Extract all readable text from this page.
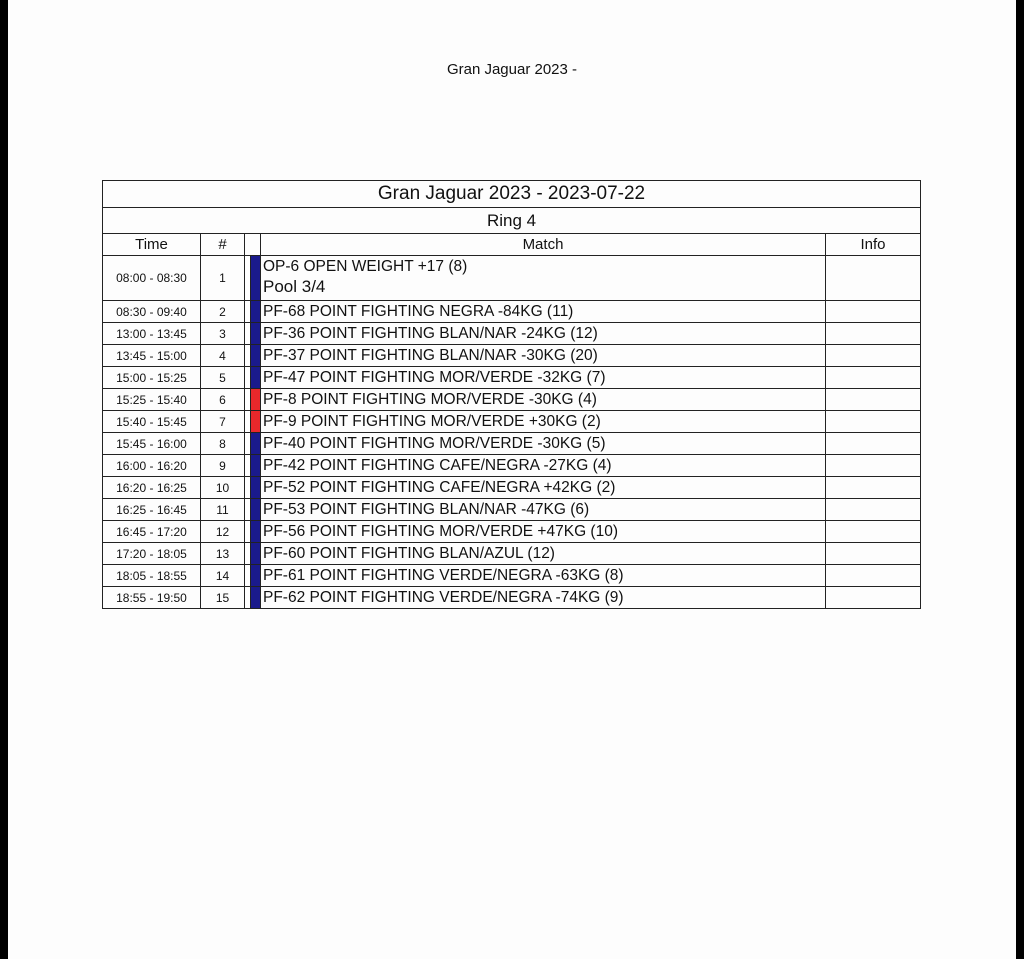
Gran Jaguar 2023 -
Gran Jaguar 2023 - 2023-07-22					
Ring 4					
Time	#			Match	Info
08:00 - 08:30	1			OP-6 OPEN WEIGHT +17 (8)
Pool 3/4	

08:30 - 09:40	2			PF-68 POINT FIGHTING NEGRA -84KG (11)	
13:00 - 13:45	3			PF-36 POINT FIGHTING BLAN/NAR -24KG (12)	
13:45 - 15:00	4			PF-37 POINT FIGHTING BLAN/NAR -30KG (20)	
15:00 - 15:25	5			PF-47 POINT FIGHTING MOR/VERDE -32KG (7)	
15:25 - 15:40	6			PF-8 POINT FIGHTING MOR/VERDE -30KG (4)	
15:40 - 15:45	7			PF-9 POINT FIGHTING MOR/VERDE +30KG (2)	
15:45 - 16:00	8			PF-40 POINT FIGHTING MOR/VERDE -30KG (5)	
16:00 - 16:20	9			PF-42 POINT FIGHTING CAFE/NEGRA -27KG (4)	
16:20 - 16:25	10			PF-52 POINT FIGHTING CAFE/NEGRA +42KG (2)	
16:25 - 16:45	11			PF-53 POINT FIGHTING BLAN/NAR -47KG (6)	
16:45 - 17:20	12			PF-56 POINT FIGHTING MOR/VERDE +47KG (10)	
17:20 - 18:05	13			PF-60 POINT FIGHTING BLAN/AZUL (12)	
18:05 - 18:55	14			PF-61 POINT FIGHTING VERDE/NEGRA -63KG (8)	
18:55 - 19:50	15			PF-62 POINT FIGHTING VERDE/NEGRA -74KG (9)	
